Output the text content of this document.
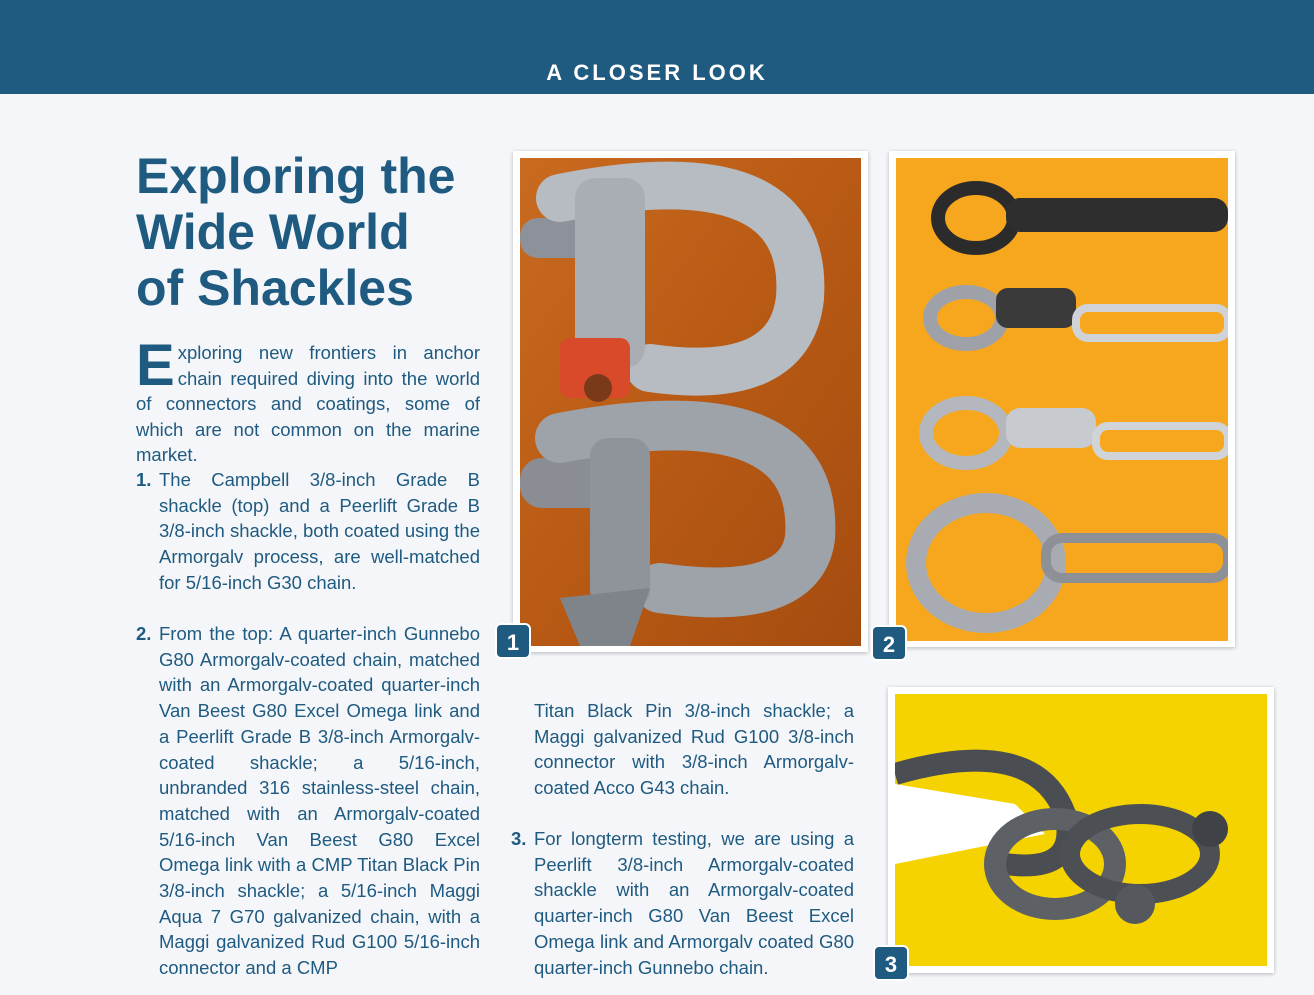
A CLOSER LOOK
Exploring the
Wide World
of Shackles
E xploring new frontiers in anchor chain required diving into the world of connectors and coatings, some of which are not common on the marine market.
1. The Campbell 3/8-inch Grade B shackle (top) and a Peerlift Grade B 3/8-inch shackle, both coated using the Armorgalv process, are well-matched for 5/16-inch G30 chain.
2. From the top: A quarter-inch Gunnebo G80 Armorgalv-coated chain, matched with an Armorgalv-coated quarter-inch Van Beest G80 Excel Omega link and a Peerlift Grade B 3/8-inch Armorgalv-coated shackle; a 5/16-inch, unbranded 316 stainless-steel chain, matched with an Armorgalv-coated 5/16-inch Van Beest G80 Excel Omega link with a CMP Titan Black Pin 3/8-inch shackle; a 5/16-inch Maggi Aqua 7 G70 galvanized chain, with a Maggi galvanized Rud G100 5/16-inch connector and a CMP
Titan Black Pin 3/8-inch shackle; a Maggi galvanized Rud G100 3/8-inch connector with 3/8-inch Armorgalv-coated Acco G43 chain.
3. For longterm testing, we are using a Peerlift 3/8-inch Armorgalv-coated shackle with an Armorgalv-coated quarter-inch G80 Van Beest Excel Omega link and Armorgalv coated G80 quarter-inch Gunnebo chain.
1	2
3
